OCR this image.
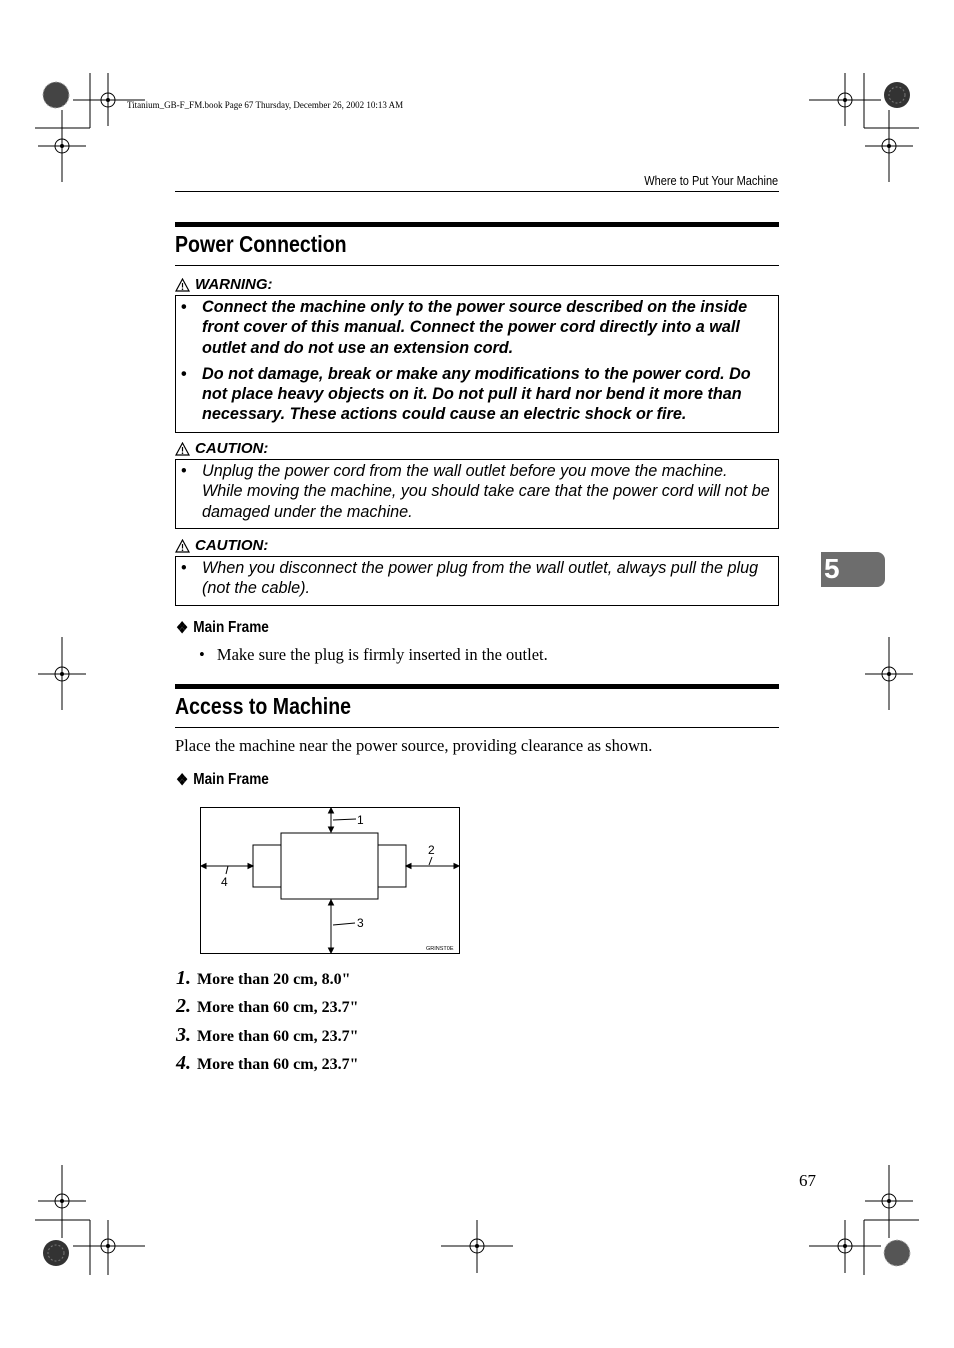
Titanium_GB-F_FM.book Page 67 Thursday, December 26, 2002 10:13 AM
Where to Put Your Machine
Power Connection
WARNING:
• Connect the machine only to the power source described on the inside front cover of this manual. Connect the power cord directly into a wall outlet and do not use an extension cord.
• Do not damage, break or make any modifications to the power cord. Do not place heavy objects on it. Do not pull it hard nor bend it more than necessary. These actions could cause an electric shock or fire.
CAUTION:
• Unplug the power cord from the wall outlet before you move the machine. While moving the machine, you should take care that the power cord will not be damaged under the machine.
CAUTION:
• When you disconnect the power plug from the wall outlet, always pull the plug (not the cable).
5
❖ Main Frame
• Make sure the plug is firmly inserted in the outlet.
Access to Machine
Place the machine near the power source, providing clearance as shown.
❖ Main Frame
1
2
3
4
GRINST0E
1. More than 20 cm, 8.0"
2. More than 60 cm, 23.7"
3. More than 60 cm, 23.7"
4. More than 60 cm, 23.7"
67
